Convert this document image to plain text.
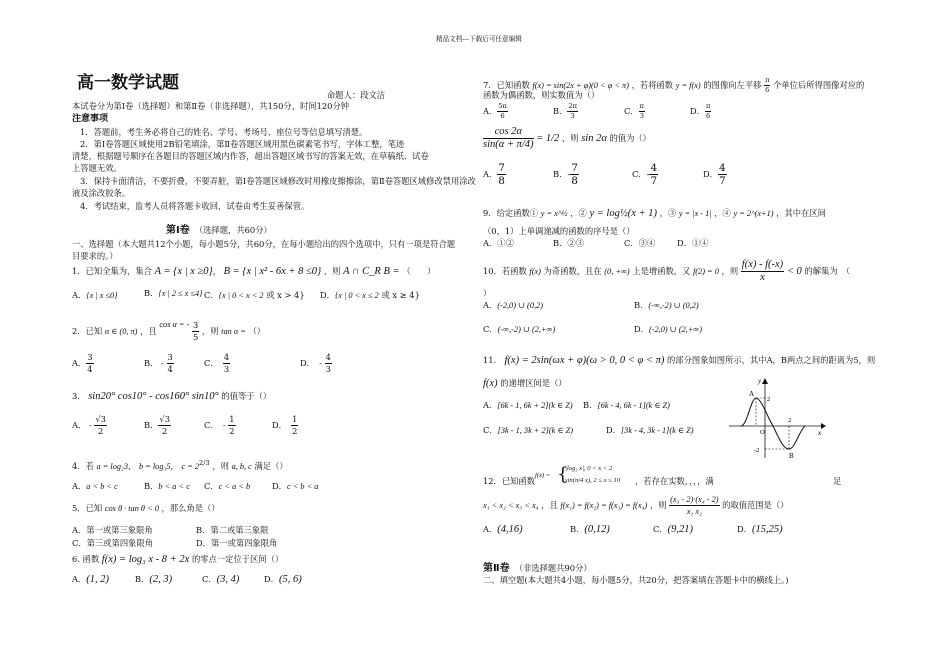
精品文档---下载后可任意编辑
高一数学试题
命题人：段文洁
本试卷分为第Ⅰ卷（选择题）和第Ⅱ卷（非选择题），共150分，时间120分钟
注意事项
1．答题前，考生务必将自己的姓名、学号、考场号、座位号等信息填写清楚。
2．第Ⅰ卷答题区域使用2B铅笔填涂，第Ⅱ卷答题区域用黑色碳素笔书写，字体工整，笔迹
清楚，根据题号顺序在各题目的答题区域内作答，超出答题区域书写的答案无效，在草稿纸、试卷
上答题无效。
3．保持卡面清洁，不要折叠，不要弄脏，第Ⅰ卷答题区域修改时用橡皮擦擦涂，第Ⅱ卷答题区域修改禁用涂改
液及涂改胶条。
4．考试结束，监考人员将答题卡收回，试卷由考生妥善保管。
第Ⅰ卷 （选择题，共60分）
一、选择题（本大题共12个小题，每小题5分，共60分，在每小题给出的四个选项中，只有一项是符合题
目要求的。）
1．已知全集为，集合 A = {x | x ≥0}， B = {x | x² - 6x + 8 ≤0} ，则 A ∩ C_R B = （　　）
A．{x | x ≤0}	B．{x | 2 ≤ x ≤4} C．{x | 0 < x < 2 或 x > 4} D．{x | 0 < x ≤ 2 或 x ≥ 4}
2．已知 α ∈ (0, π) ，且 cos α = - $\frac{3}{5}$ ，则 tan α = （）
A． $\frac{3}{4}$	B． - $\frac{3}{4}$	C．　 $\frac{4}{3}$	D．　 - $\frac{4}{3}$
3． sin20° cos10° - cos160° sin10° 的值等于（）
A． - $\frac{√3}{2}$	B． $\frac{√3}{2}$	C．　 - $\frac{1}{2}$	D．　 $\frac{1}{2}$
4．若 a = log₂3， b = log₃5， $c = 2^{2/3}$ ，则 a, b, c 满足（）
A．a < b < c	B．b < a < c C．c < a < b	D．c < b < a
5．已知 cos θ · tan θ < 0 ，那么角是（）
A．第一或第三象限角	B．第二或第三象限
C．第三或第四象限角	D．第一或第四象限角
6. 函数 f(x) = log₃ x - 8 + 2x 的零点一定位于区间（）
A．(1, 2)	B．(2, 3)	C．(3, 4)	D．(5, 6)
7．已知函数 f(x) = sin(2x + φ)(0 < φ < π) ，若将函数 y = f(x) 的图像向左平移 $\frac{\pi}{6}$ 个单位后所得图像对应的
函数为偶函数，则实数值为（）
A． $\frac{5\pi}{6}$	B． $\frac{2\pi}{3}$	C． $\frac{\pi}{3}$	D． $\frac{\pi}{6}$
$\frac{\cos 2\alpha}{\sin(\alpha + \pi/4)} = 1/2$ ，则 sin 2α 的值为（）
A． $\frac{7}{8}$	B．- $\frac{7}{8}$	C．- $\frac{4}{7}$	D． $\frac{4}{7}$
9．给定函数① y = x^½ ，② y = log½(x + 1) ，③ y = |x - 1| ，④ y = 2^(x+1) ，其中在区间
（0，1）上单调递减的函数的序号是（）
A．①②	B．②③	C．③④	D．①④
10．若函数 f(x) 为奇函数，且在 (0, +∞) 上是增函数，又 f(2) = 0 ，则 $\frac{f(x) - f(-x)}{x} < 0$ 的解集为　（
）
A．(-2,0) ∪ (0,2)	B．(-∞,-2) ∪ (0,2)
C．(-∞,-2) ∪ (2,+∞)	D．(-2,0) ∪ (2,+∞)
11． f(x) = 2sin(ωx + φ)(ω > 0, 0 < φ < π) 的部分图象如图所示，其中A，B两点之间的距离为5，则
f(x) 的递增区间是（）
A．[6k - 1, 6k + 2](k ∈ Z) B．[6k - 4, 6k - 1](k ∈ Z)
C．[3k - 1, 3k + 2](k ∈ Z)	D．[3k - 4, 3k - 1](k ∈ Z)
y
x
O
A
B
2
-2
2
12．已知函数
f(x) = {
|log₃ x|, 0 < x < 2
sin(π/4 x), 2 ≤ x ≤ 10 ，若存在实数，，，，满	足
x₁ < x₂ < x₃ < x₄ ，且 f(x₁) = f(x₂) = f(x₃) = f(x₄) ，则 $\frac{\text{(x₃ - 2)·(x₄ - 2)}}{\text{x₁ x₂}}$ 的取值范围是（）
A．(4,16)	B．(0,12)	C．(9,21)	D．(15,25)
第Ⅱ卷 （非选择题共90分）
二、填空题(本大题共4小题，每小题5分，共20分，把答案填在答题卡中的横线上。)
